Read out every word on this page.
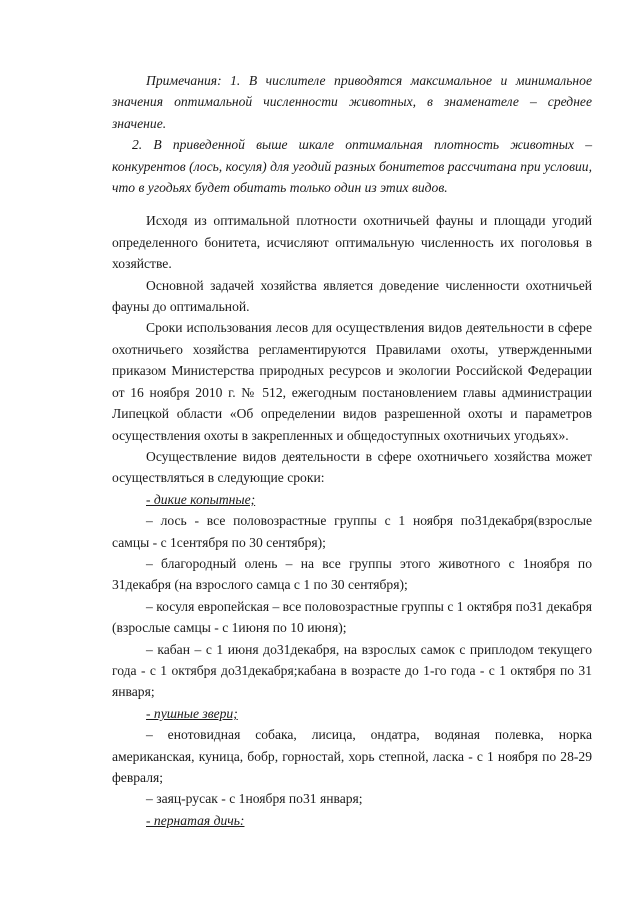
Примечания: 1. В числителе приводятся максимальное и минимальное значения оптимальной численности животных, в знаменателе – среднее значение.

2. В приведенной выше шкале оптимальная плотность животных – конкурентов (лось, косуля) для угодий разных бонитетов рассчитана при условии, что в угодьях будет обитать только один из этих видов.

Исходя из оптимальной плотности охотничьей фауны и площади угодий определенного бонитета, исчисляют оптимальную численность их поголовья в хозяйстве.

Основной задачей хозяйства является доведение численности охотничьей фауны до оптимальной.

Сроки использования лесов для осуществления видов деятельности в сфере охотничьего хозяйства регламентируются Правилами охоты, утвержденными приказом Министерства природных ресурсов и экологии Российской Федерации от 16 ноября 2010 г. № 512, ежегодным постановлением главы администрации Липецкой области «Об определении видов разрешенной охоты и параметров осуществления охоты в закрепленных и общедоступных охотничьих угодьях».

Осуществление видов деятельности в сфере охотничьего хозяйства может осуществляться в следующие сроки:

- дикие копытные;

– лось - все половозрастные группы с 1 ноября по31декабря(взрослые самцы - с 1сентября по 30 сентября);

– благородный олень – на все группы этого животного с 1ноября по 31декабря (на взрослого самца с 1 по 30 сентября);

– косуля европейская – все половозрастные группы с 1 октября по31 декабря (взрослые самцы - с 1июня по 10 июня);

– кабан – с 1 июня до31декабря, на взрослых самок с приплодом текущего года - с 1 октября до31декабря;кабана в возрасте до 1-го года - с 1 октября по 31 января;

- пушные звери;

– енотовидная собака, лисица, ондатра, водяная полевка, норка американская, куница, бобр, горностай, хорь степной, ласка - с 1 ноября по 28-29 февраля;

– заяц-русак - с 1ноября по31 января;

- пернатая дичь:
